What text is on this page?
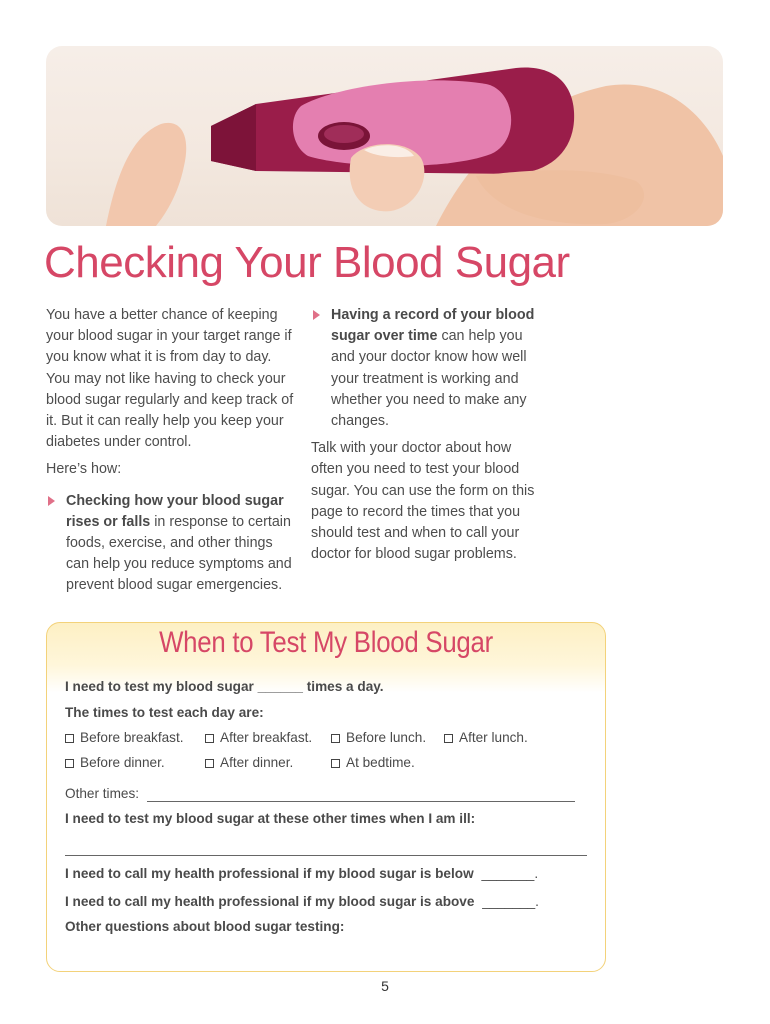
Checking Your Blood Sugar

You have a better chance of keeping your blood sugar in your target range if you know what it is from day to day. You may not like having to check your blood sugar regularly and keep track of it. But it can really help you keep your diabetes under control.

Here’s how:

Checking how your blood sugar rises or falls in response to certain foods, exercise, and other things can help you reduce symptoms and prevent blood sugar emergencies.

Having a record of your blood sugar over time can help you and your doctor know how well your treatment is working and whether you need to make any changes.

Talk with your doctor about how often you need to test your blood sugar. You can use the form on this page to record the times that you should test and when to call your doctor for blood sugar problems.

When to Test My Blood Sugar
I need to test my blood sugar ______ times a day.
The times to test each day are:
Before breakfast.	After breakfast.	Before lunch.	After lunch.
Before dinner.	After dinner.	At bedtime.
Other times:
I need to test my blood sugar at these other times when I am ill:
I need to call my health professional if my blood sugar is below _______.
I need to call my health professional if my blood sugar is above _______.
Other questions about blood sugar testing:
5
